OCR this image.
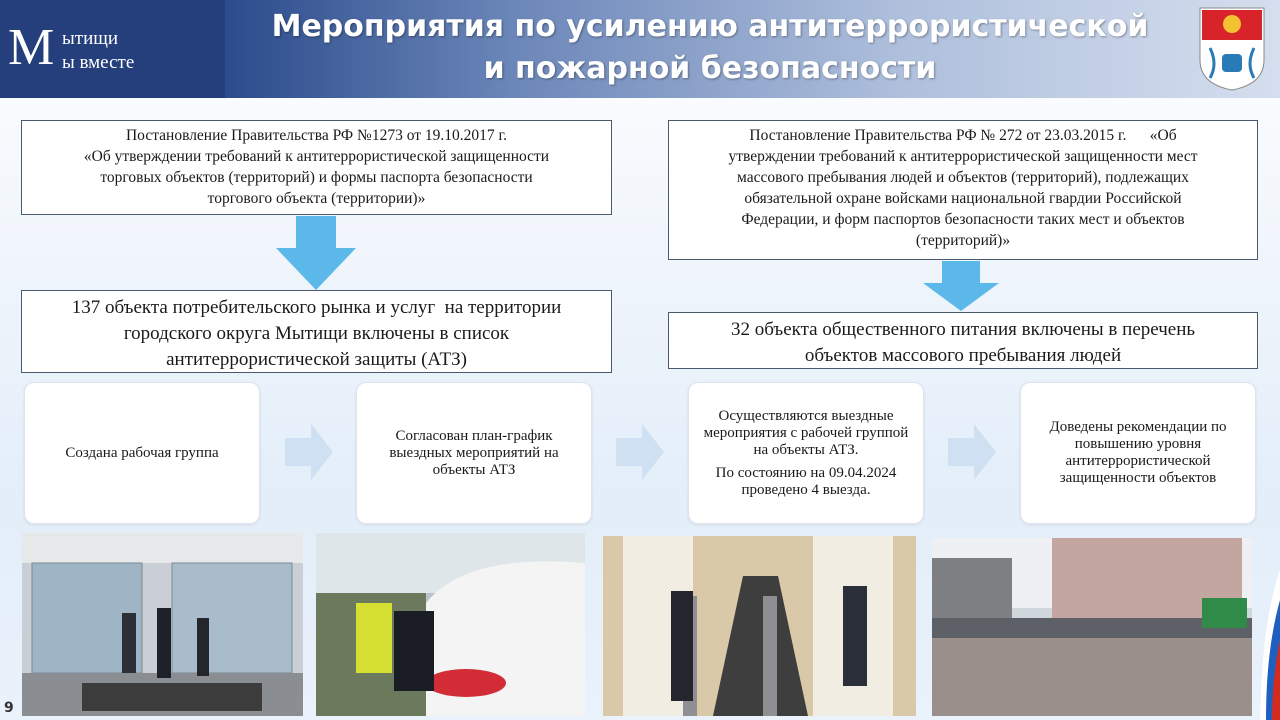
М ытищи
ы вместе
Мероприятия по усилению антитеррористической
и пожарной безопасности
Постановление Правительства РФ №1273 от 19.10.2017 г.
«Об утверждении требований к антитеррористической защищенности
торговых объектов (территорий) и формы паспорта безопасности
торгового объекта (территории)»
Постановление Правительства РФ № 272 от 23.03.2015 г.      «Об
утверждении требований к антитеррористической защищенности мест
массового пребывания людей и объектов (территорий), подлежащих
обязательной охране войсками национальной гвардии Российской
Федерации, и форм паспортов безопасности таких мест и объектов
(территорий)»
137 объекта потребительского рынка и услуг  на территории
городского округа Мытищи включены в список
антитеррористической защиты (АТЗ)
32 объекта общественного питания включены в перечень
объектов массового пребывания людей

Создана рабочая группа

Согласован план-график выездных мероприятий на объекты АТЗ

Осуществляются выездные мероприятия с рабочей группой на объекты АТЗ.

По состоянию на 09.04.2024 проведено 4 выезда.

Доведены рекомендации по повышению уровня антитеррористической защищенности объектов

9
